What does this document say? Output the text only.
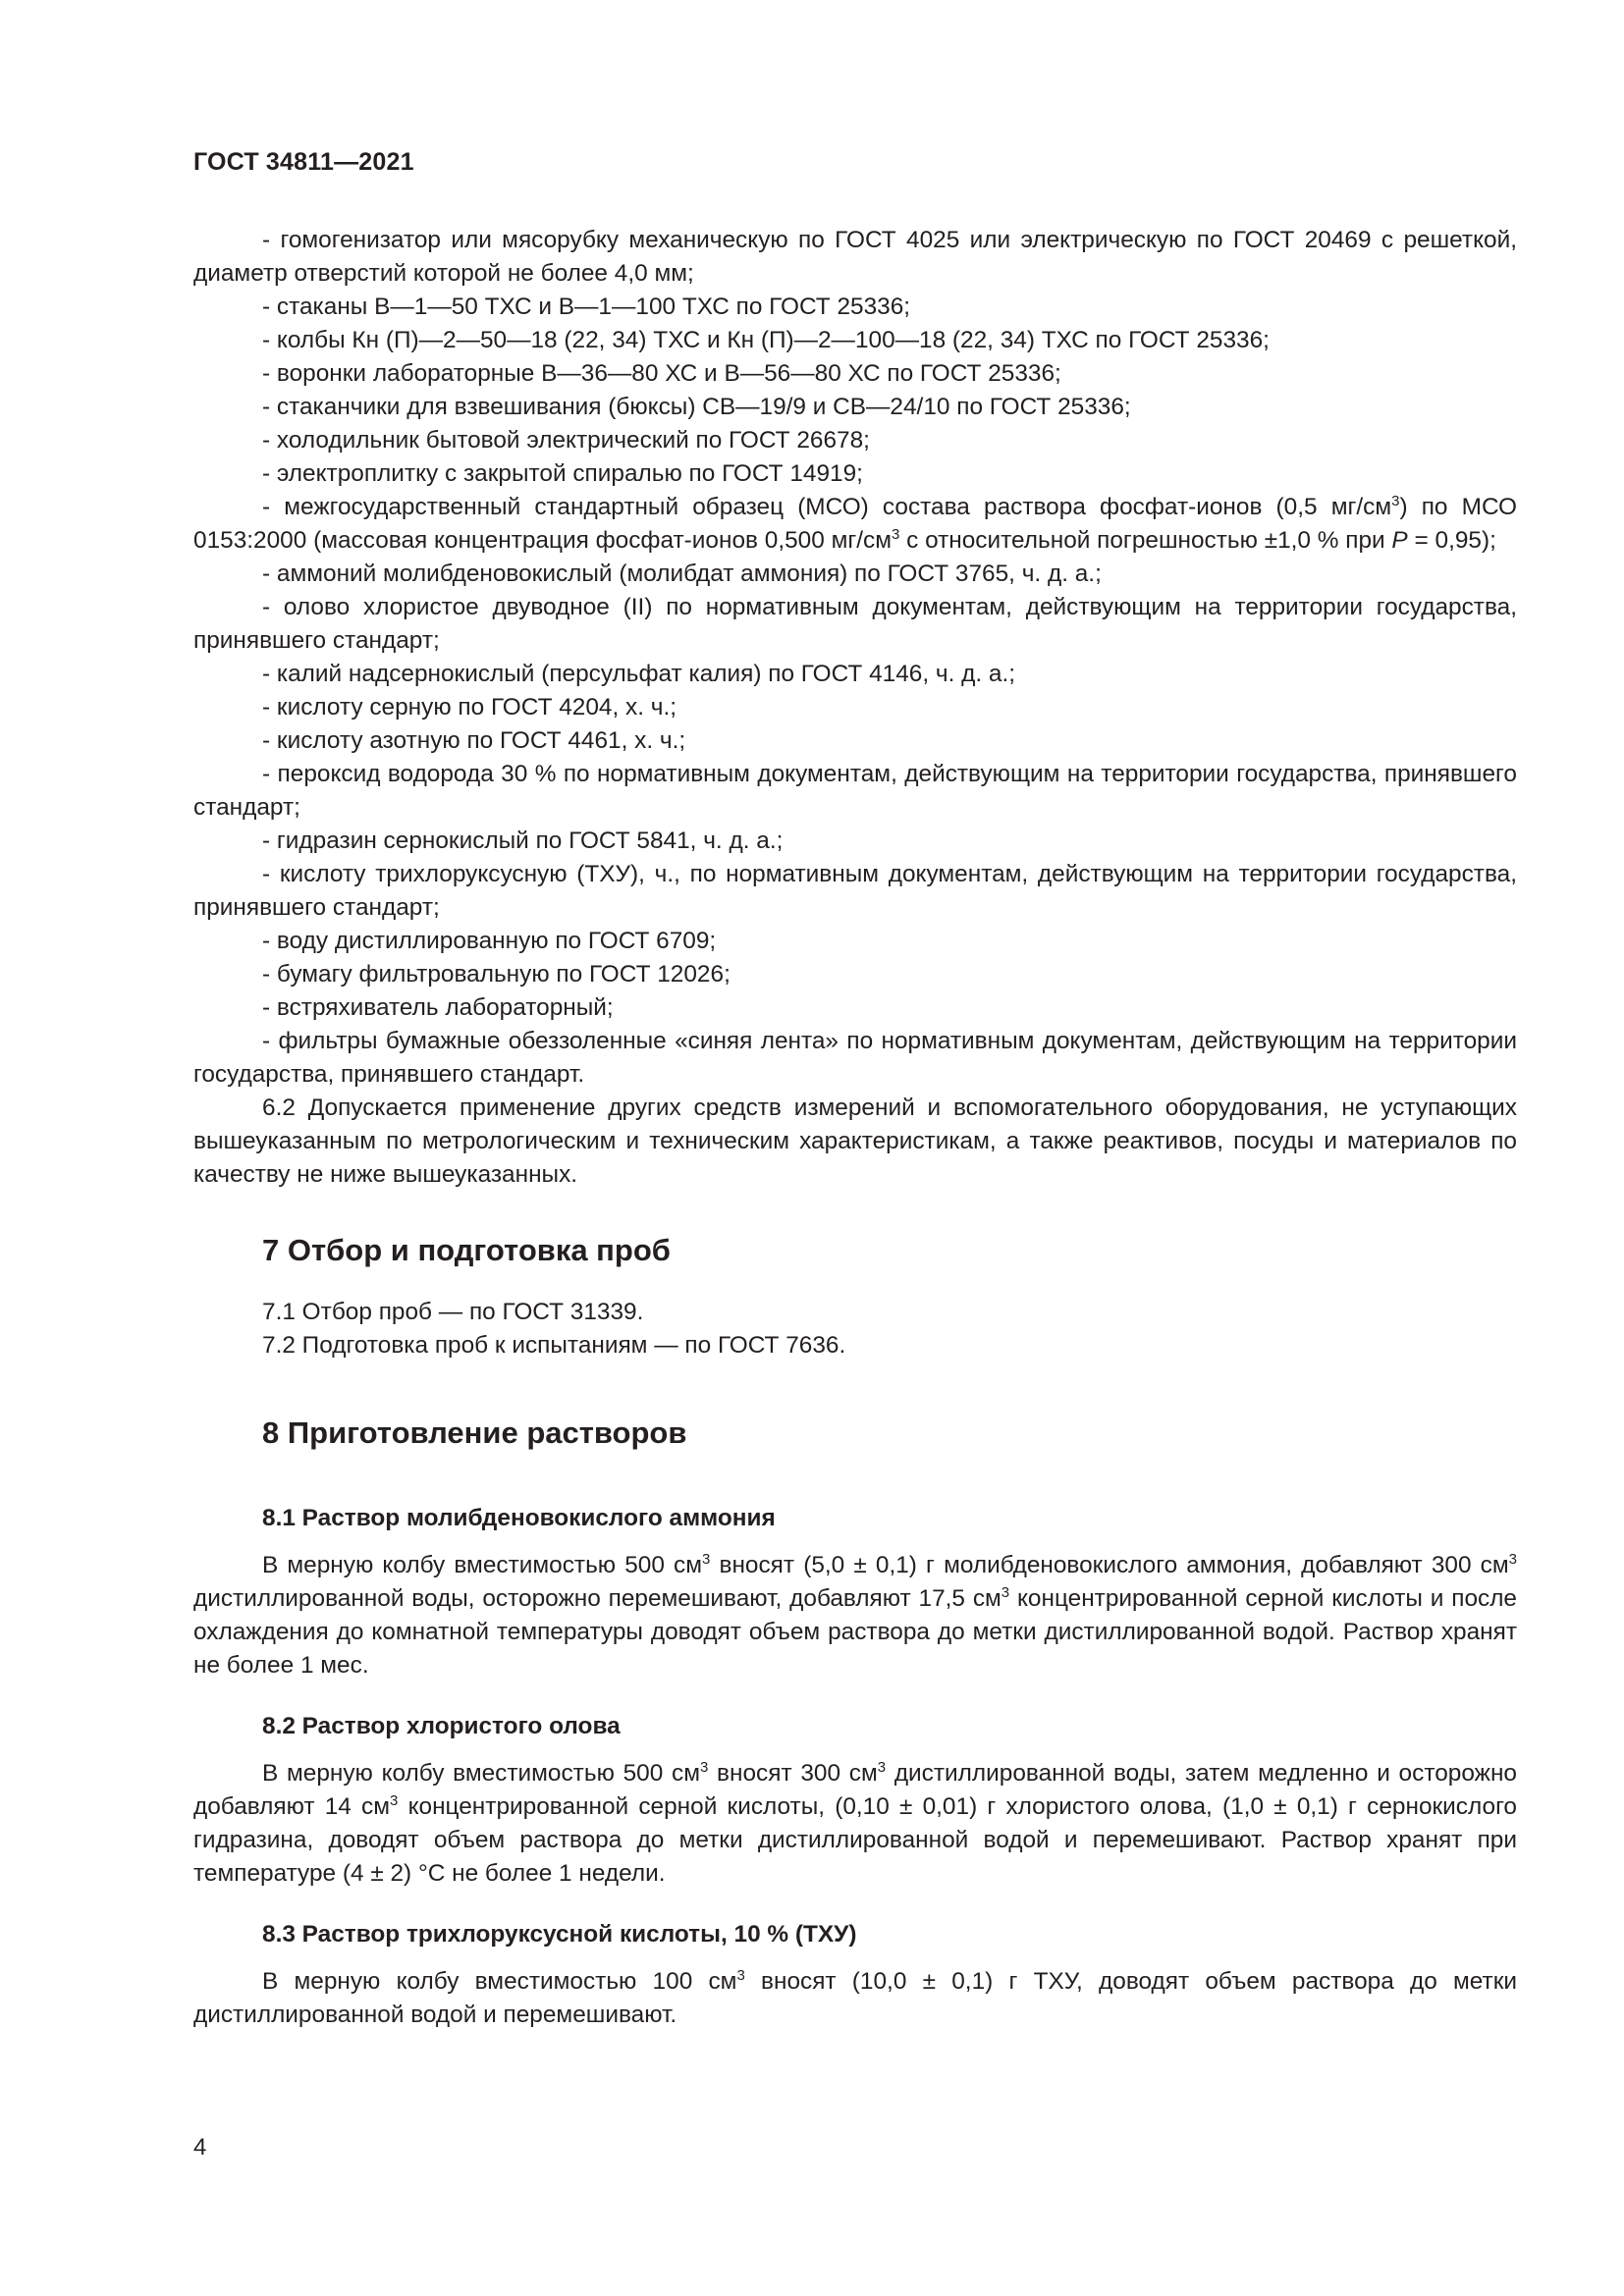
ГОСТ 34811—2021

- гомогенизатор или мясорубку механическую по ГОСТ 4025 или электрическую по ГОСТ 20469 с решеткой, диаметр отверстий которой не более 4,0 мм;

- стаканы В—1—50 ТХС и В—1—100 ТХС по ГОСТ 25336;

- колбы Кн (П)—2—50—18 (22, 34) ТХС и Кн (П)—2—100—18 (22, 34) ТХС по ГОСТ 25336;

- воронки лабораторные В—36—80 ХС и В—56—80 ХС по ГОСТ 25336;

- стаканчики для взвешивания (бюксы) СВ—19/9 и СВ—24/10 по ГОСТ 25336;

- холодильник бытовой электрический по ГОСТ 26678;

- электроплитку с закрытой спиралью по ГОСТ 14919;

- межгосударственный стандартный образец (МСО) состава раствора фосфат-ионов (0,5 $мг/см^3$) по МСО 0153:2000 (массовая концентрация фосфат-ионов 0,500 $мг/см^3$ с относительной погрешностью ±1,0 % при P = 0,95);

- аммоний молибденовокислый (молибдат аммония) по ГОСТ 3765, ч. д. а.;

- олово хлористое двуводное (II) по нормативным документам, действующим на территории государства, принявшего стандарт;

- калий надсернокислый (персульфат калия) по ГОСТ 4146, ч. д. а.;

- кислоту серную по ГОСТ 4204, х. ч.;

- кислоту азотную по ГОСТ 4461, х. ч.;

- пероксид водорода 30 % по нормативным документам, действующим на территории государства, принявшего стандарт;

- гидразин сернокислый по ГОСТ 5841, ч. д. а.;

- кислоту трихлоруксусную (ТХУ), ч., по нормативным документам, действующим на территории государства, принявшего стандарт;

- воду дистиллированную по ГОСТ 6709;

- бумагу фильтровальную по ГОСТ 12026;

- встряхиватель лабораторный;

- фильтры бумажные обеззоленные «синяя лента» по нормативным документам, действующим на территории государства, принявшего стандарт.

6.2 Допускается применение других средств измерений и вспомогательного оборудования, не уступающих вышеуказанным по метрологическим и техническим характеристикам, а также реактивов, посуды и материалов по качеству не ниже вышеуказанных.

7 Отбор и подготовка проб

7.1 Отбор проб — по ГОСТ 31339.

7.2 Подготовка проб к испытаниям — по ГОСТ 7636.

8 Приготовление растворов
8.1 Раствор молибденовокислого аммония

В мерную колбу вместимостью 500 $см^3$ вносят (5,0 ± 0,1) г молибденовокислого аммония, добавляют 300 $см^3$ дистиллированной воды, осторожно перемешивают, добавляют 17,5 $см^3$ концентрированной серной кислоты и после охлаждения до комнатной температуры доводят объем раствора до метки дистиллированной водой. Раствор хранят не более 1 мес.

8.2 Раствор хлористого олова

В мерную колбу вместимостью 500 $см^3$ вносят 300 $см^3$ дистиллированной воды, затем медленно и осторожно добавляют 14 $см^3$ концентрированной серной кислоты, (0,10 ± 0,01) г хлористого олова, (1,0 ± 0,1) г сернокислого гидразина, доводят объем раствора до метки дистиллированной водой и перемешивают. Раствор хранят при температуре (4 ± 2) °С не более 1 недели.

8.3 Раствор трихлоруксусной кислоты, 10 % (ТХУ)

В мерную колбу вместимостью 100 $см^3$ вносят (10,0 ± 0,1) г ТХУ, доводят объем раствора до метки дистиллированной водой и перемешивают.

4
